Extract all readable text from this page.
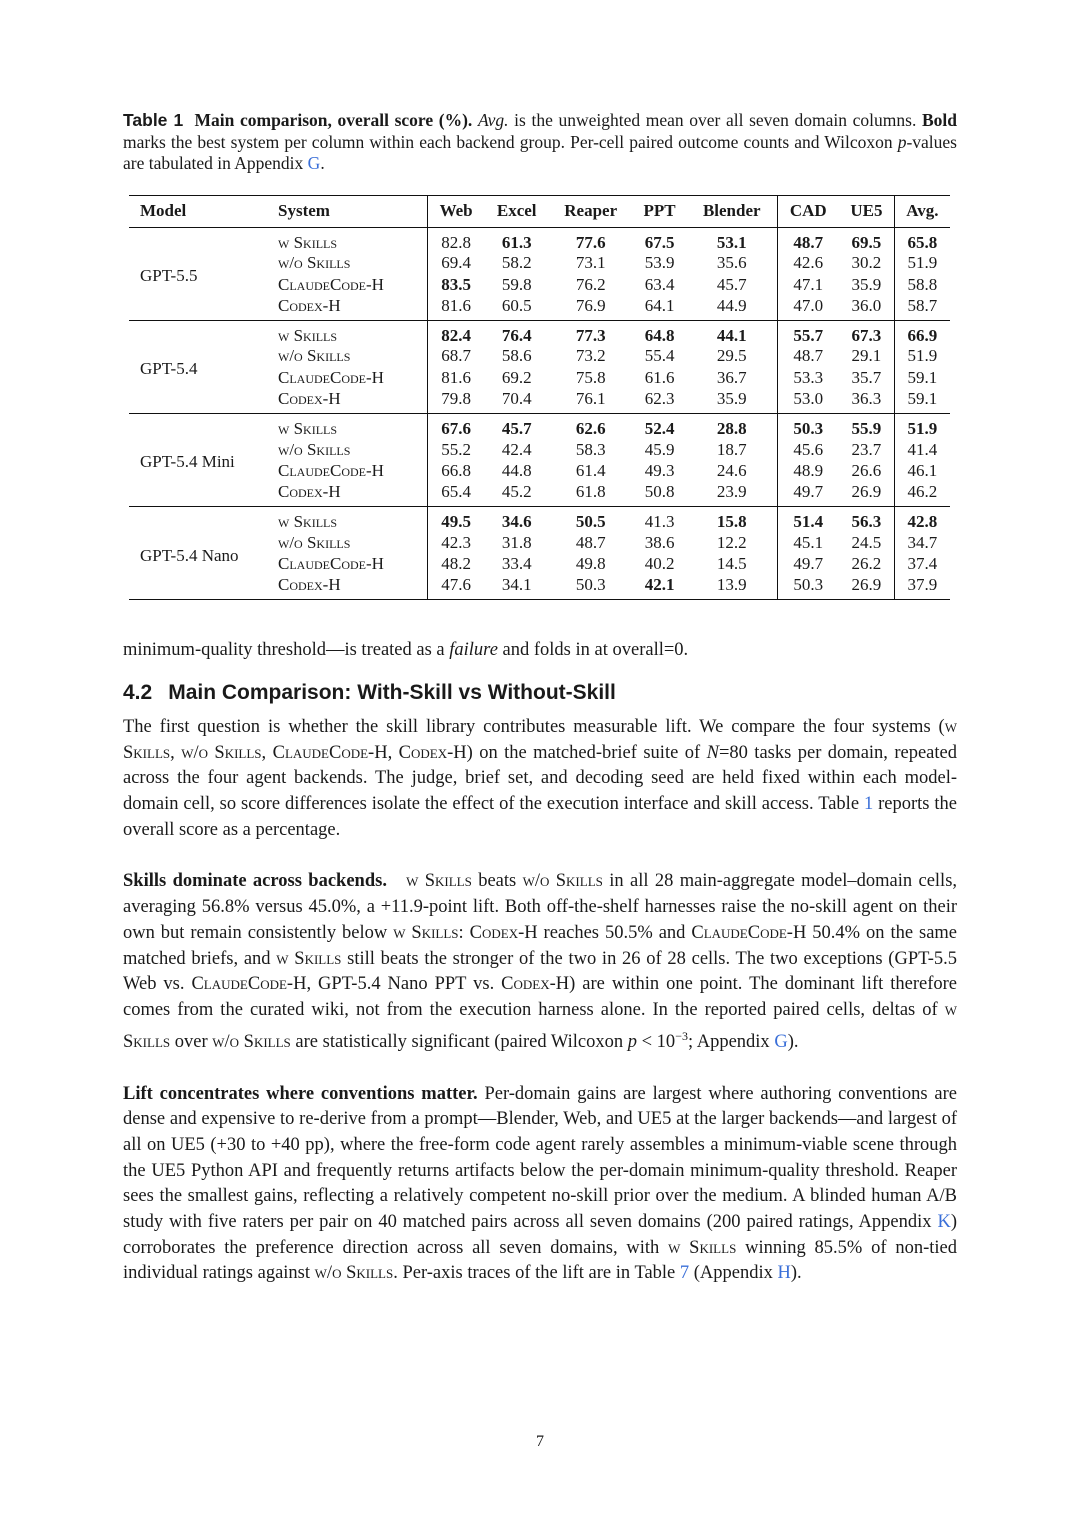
Table 1 Main comparison, overall score (%). Avg. is the unweighted mean over all seven domain columns. Bold marks the best system per column within each backend group. Per-cell paired outcome counts and Wilcoxon p-values are tabulated in Appendix G.

Model	System	Web	Excel	Reaper	PPT	Blender	CAD	UE5	Avg.
GPT-5.5	w Skills	82.8	61.3	77.6	67.5	53.1	48.7	69.5	65.8
	w/o Skills	69.4	58.2	73.1	53.9	35.6	42.6	30.2	51.9
	ClaudeCode-H	83.5	59.8	76.2	63.4	45.7	47.1	35.9	58.8
	Codex-H	81.6	60.5	76.9	64.1	44.9	47.0	36.0	58.7
GPT-5.4	w Skills	82.4	76.4	77.3	64.8	44.1	55.7	67.3	66.9
	w/o Skills	68.7	58.6	73.2	55.4	29.5	48.7	29.1	51.9
	ClaudeCode-H	81.6	69.2	75.8	61.6	36.7	53.3	35.7	59.1
	Codex-H	79.8	70.4	76.1	62.3	35.9	53.0	36.3	59.1
GPT-5.4 Mini	w Skills	67.6	45.7	62.6	52.4	28.8	50.3	55.9	51.9
	w/o Skills	55.2	42.4	58.3	45.9	18.7	45.6	23.7	41.4
	ClaudeCode-H	66.8	44.8	61.4	49.3	24.6	48.9	26.6	46.1
	Codex-H	65.4	45.2	61.8	50.8	23.9	49.7	26.9	46.2
GPT-5.4 Nano	w Skills	49.5	34.6	50.5	41.3	15.8	51.4	56.3	42.8
	w/o Skills	42.3	31.8	48.7	38.6	12.2	45.1	24.5	34.7
	ClaudeCode-H	48.2	33.4	49.8	40.2	14.5	49.7	26.2	37.4
	Codex-H	47.6	34.1	50.3	42.1	13.9	50.3	26.9	37.9

minimum-quality threshold—is treated as a failure and folds in at overall=0.

4.2 Main Comparison: With-Skill vs Without-Skill

The first question is whether the skill library contributes measurable lift. We compare the four systems (w Skills, w/o Skills, ClaudeCode-H, Codex-H) on the matched-brief suite of N=80 tasks per domain, repeated across the four agent backends. The judge, brief set, and decoding seed are held fixed within each model-domain cell, so score differences isolate the effect of the execution interface and skill access. Table 1 reports the overall score as a percentage.

Skills dominate across backends. w Skills beats w/o Skills in all 28 main-aggregate model–domain cells, averaging 56.8% versus 45.0%, a +11.9-point lift. Both off-the-shelf harnesses raise the no-skill agent on their own but remain consistently below w Skills: Codex-H reaches 50.5% and ClaudeCode-H 50.4% on the same matched briefs, and w Skills still beats the stronger of the two in 26 of 28 cells. The two exceptions (GPT-5.5 Web vs. ClaudeCode-H, GPT-5.4 Nano PPT vs. Codex-H) are within one point. The dominant lift therefore comes from the curated wiki, not from the execution harness alone. In the reported paired cells, deltas of w Skills over w/o Skills are statistically significant (paired Wilcoxon $p < 10^{-3}$; Appendix G).

Lift concentrates where conventions matter. Per-domain gains are largest where authoring conventions are dense and expensive to re-derive from a prompt—Blender, Web, and UE5 at the larger backends—and largest of all on UE5 (+30 to +40 pp), where the free-form code agent rarely assembles a minimum-viable scene through the UE5 Python API and frequently returns artifacts below the per-domain minimum-quality threshold. Reaper sees the smallest gains, reflecting a relatively competent no-skill prior over the medium. A blinded human A/B study with five raters per pair on 40 matched pairs across all seven domains (200 paired ratings, Appendix K) corroborates the preference direction across all seven domains, with w Skills winning 85.5% of non-tied individual ratings against w/o Skills. Per-axis traces of the lift are in Table 7 (Appendix H).

7
